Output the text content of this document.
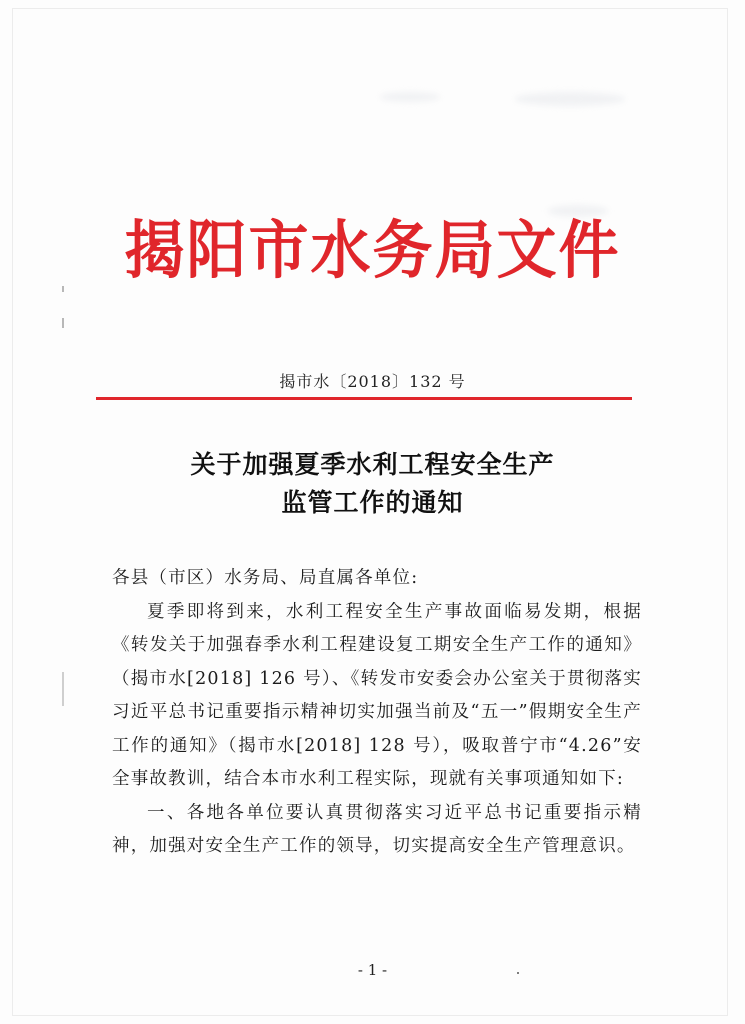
揭阳市水务局文件
揭市水〔2018〕132 号
关于加强夏季水利工程安全生产
监管工作的通知

各县（市区）水务局、局直属各单位:

夏季即将到来，水利工程安全生产事故面临易发期，根据《转发关于加强春季水利工程建设复工期安全生产工作的通知》（揭市水[2018] 126 号）、《转发市安委会办公室关于贯彻落实习近平总书记重要指示精神切实加强当前及“五一”假期安全生产工作的通知》（揭市水[2018] 128 号），吸取普宁市“4.26”安全事故教训，结合本市水利工程实际，现就有关事项通知如下:

一、各地各单位要认真贯彻落实习近平总书记重要指示精神，加强对安全生产工作的领导，切实提高安全生产管理意识。

- 1 -
